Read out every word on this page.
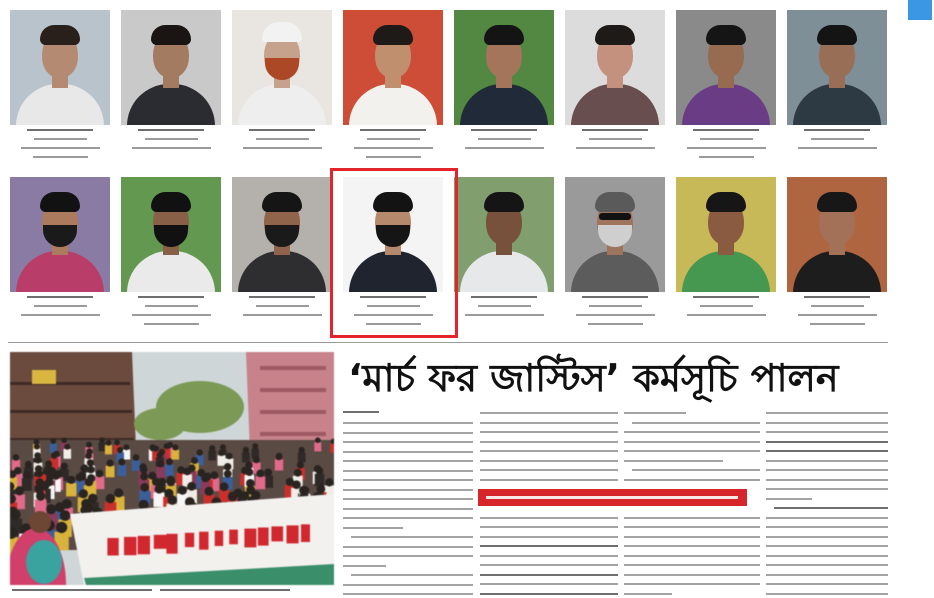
‘মার্চ ফর জাস্টিস’ কর্মসূচি পালন
